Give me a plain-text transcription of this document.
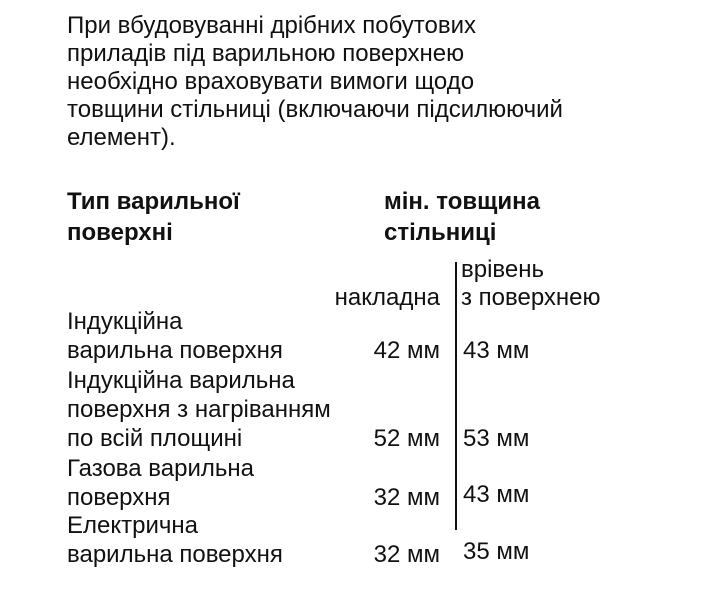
При вбудовуванні дрібних побутових
приладів під варильною поверхнею
необхідно враховувати вимоги щодо
товщини стільниці (включаючи підсилюючий
елемент).

Тип варильної
поверхні
мін. товщина
стільниці
накладна
врівень
з поверхнею
Індукційна
варильна поверхня	42 мм 43 мм
Індукційна варильна
поверхня з нагріванням
по всій площині	52 мм 53 мм
Газова варильна
поверхня	32 мм 43 мм
Електрична
варильна поверхня	32 мм 35 мм
